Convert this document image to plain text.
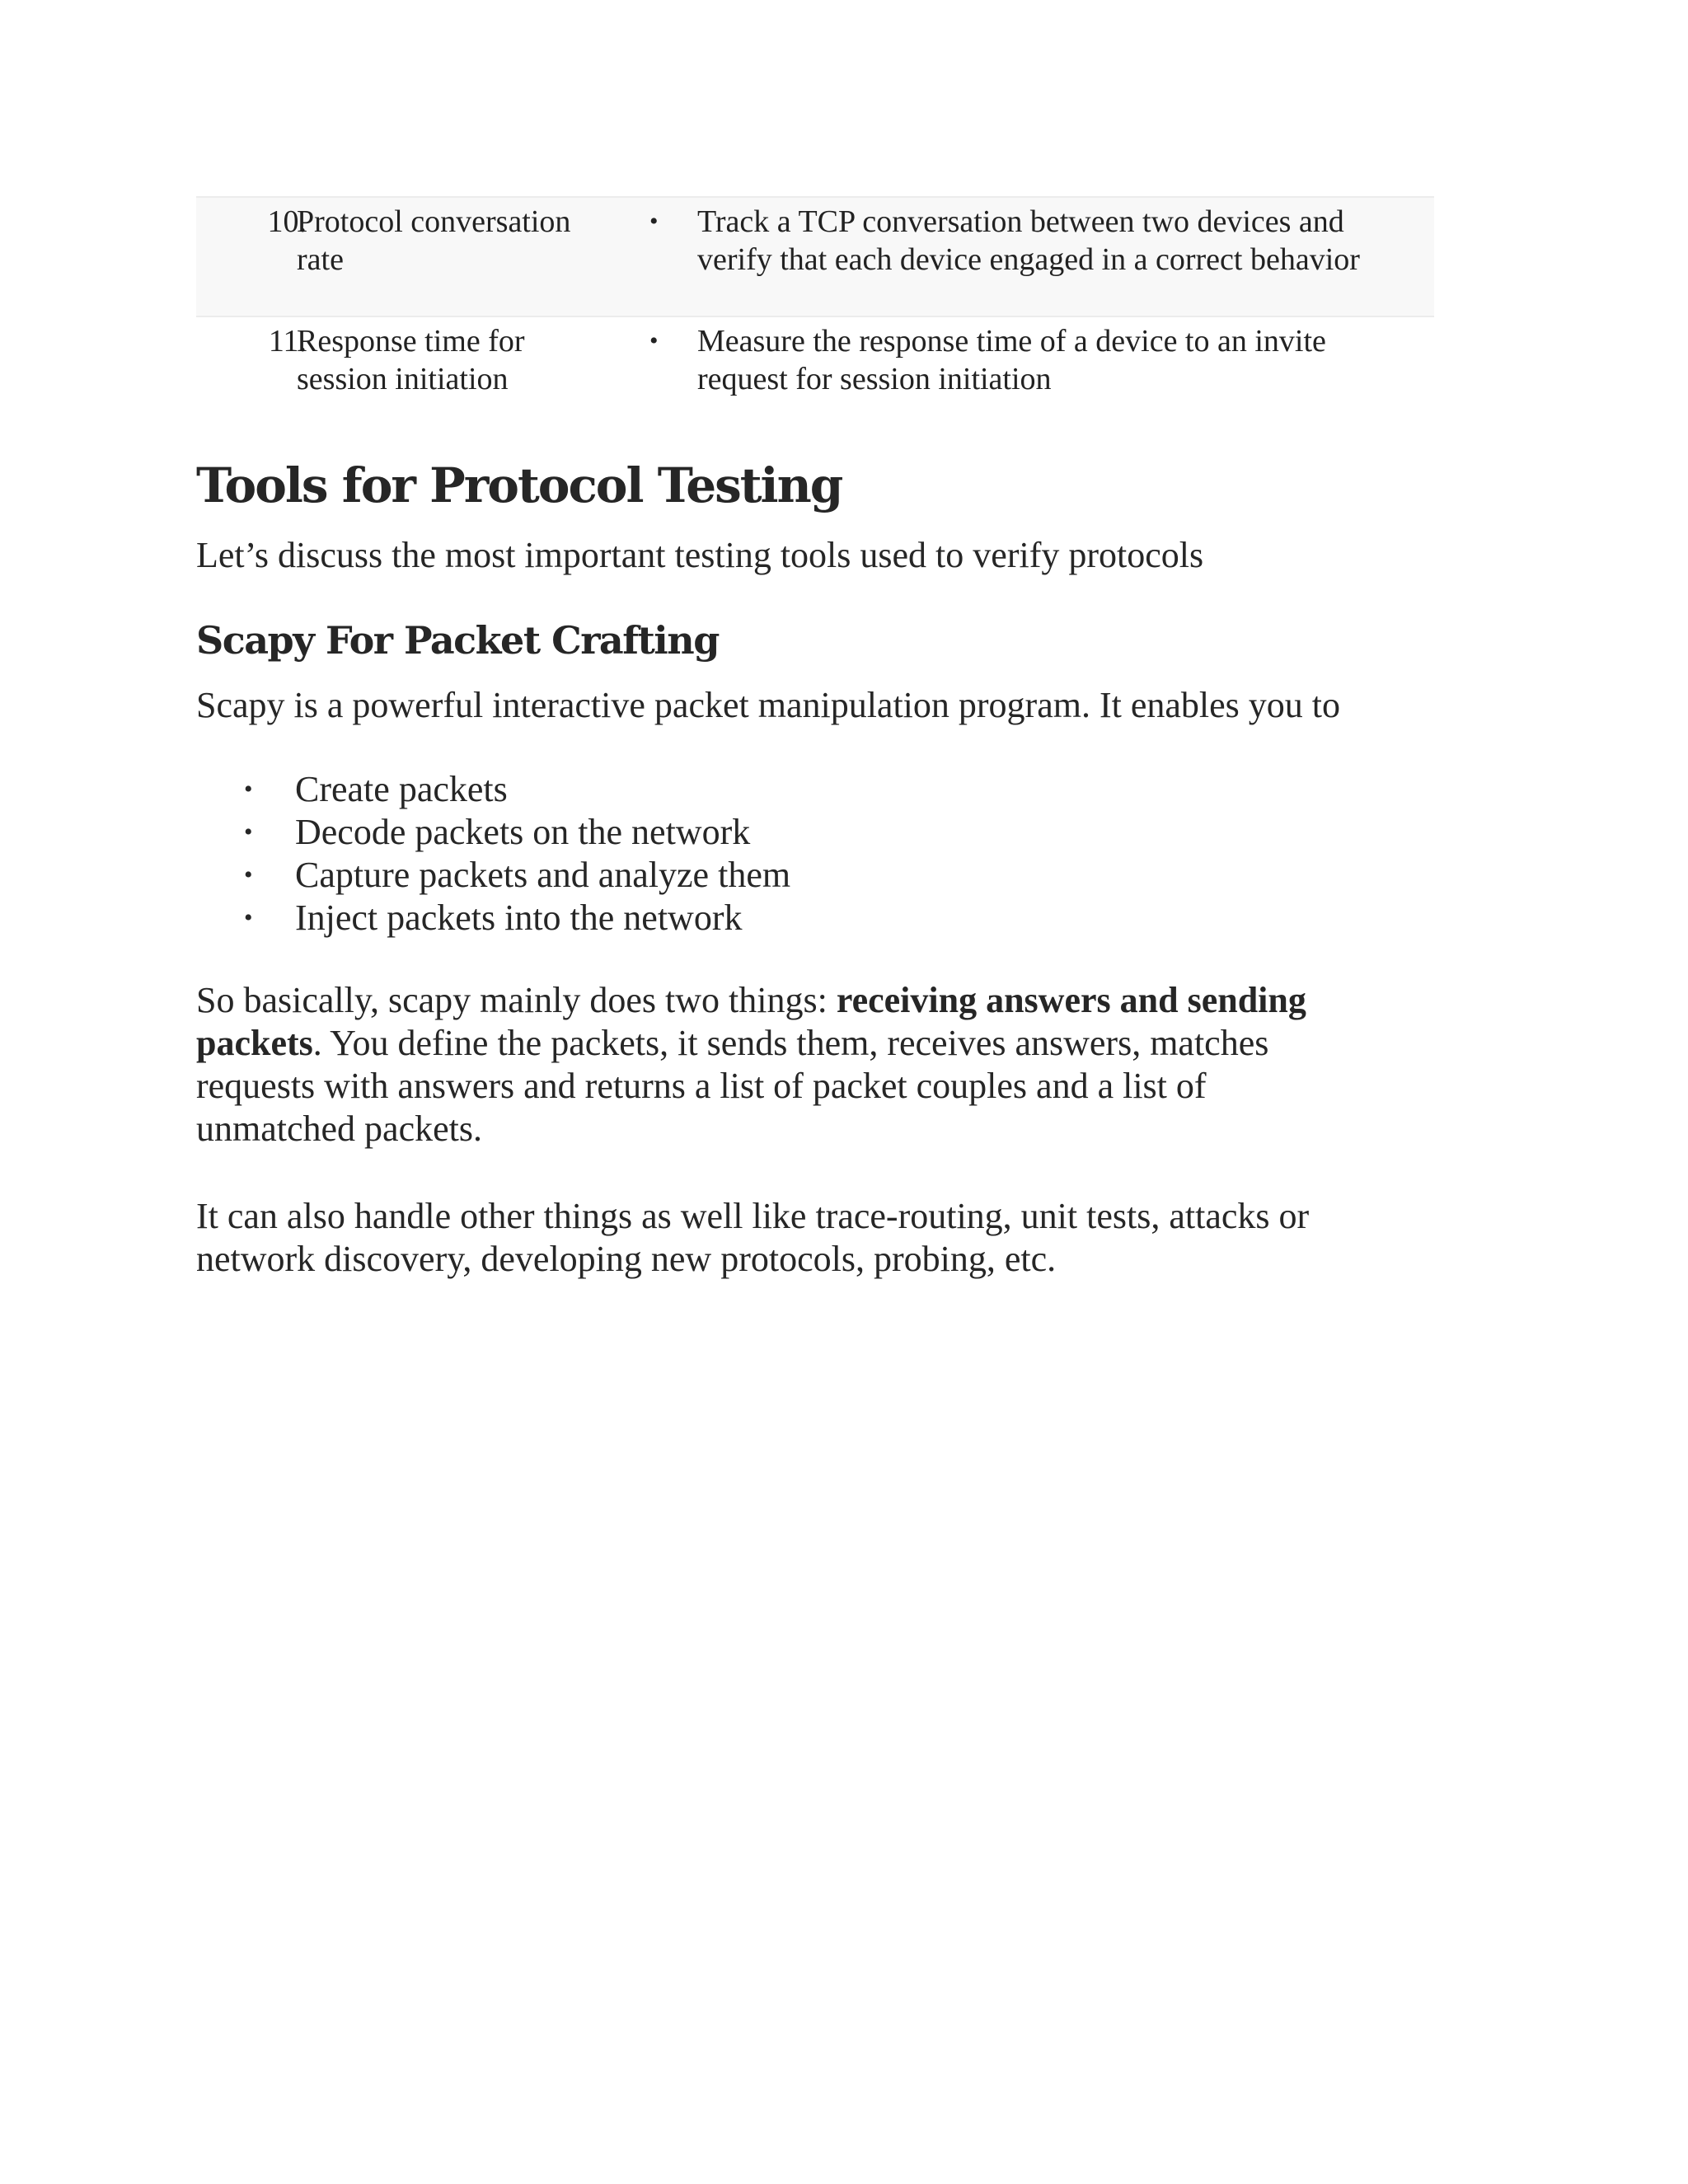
10.
Protocol conversation
rate
•	Track a TCP conversation between two devices and
verify that each device engaged in a correct behavior
11.
Response time for
session initiation
•	Measure the response time of a device to an invite
request for session initiation
Tools for Protocol Testing

Let’s discuss the most important testing tools used to verify protocols

Scapy For Packet Crafting

Scapy is a powerful interactive packet manipulation program. It enables you to

• Create packets
• Decode packets on the network
• Capture packets and analyze them
• Inject packets into the network
So basically, scapy mainly does two things: receiving answers and sending
packets. You define the packets, it sends them, receives answers, matches
requests with answers and returns a list of packet couples and a list of
unmatched packets.
It can also handle other things as well like trace-routing, unit tests, attacks or
network discovery, developing new protocols, probing, etc.
